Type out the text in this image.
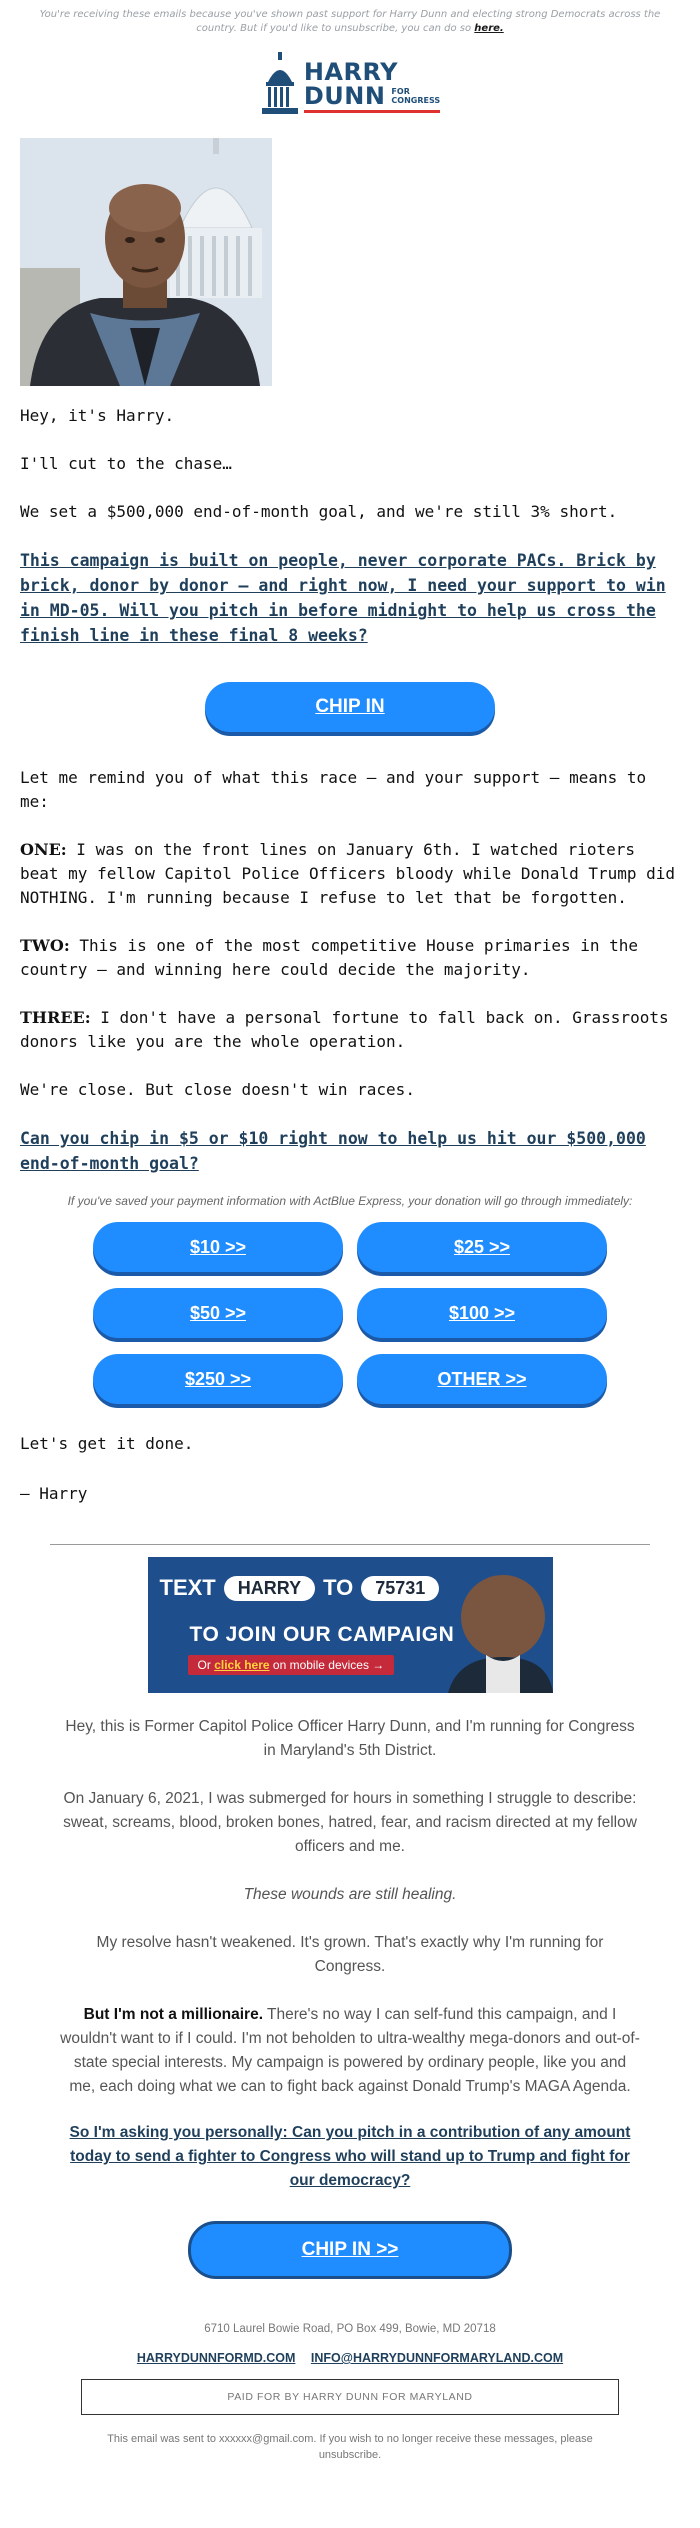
You're receiving these emails because you've shown past support for Harry Dunn and electing strong Democrats across the country. But if you'd like to unsubscribe, you can do so here.
HARRY
DUNN FOR
CONGRESS

Hey, it's Harry.

I'll cut to the chase…

We set a $500,000 end-of-month goal, and we're still 3% short.

This campaign is built on people, never corporate PACs. Brick by brick, donor by donor — and right now, I need your support to win in MD-05. Will you pitch in before midnight to help us cross the finish line in these final 8 weeks?
CHIP IN

Let me remind you of what this race — and your support — means to me:

ONE: I was on the front lines on January 6th. I watched rioters beat my fellow Capitol Police Officers bloody while Donald Trump did NOTHING. I'm running because I refuse to let that be forgotten.

TWO: This is one of the most competitive House primaries in the country — and winning here could decide the majority.

THREE: I don't have a personal fortune to fall back on. Grassroots donors like you are the whole operation.

We're close. But close doesn't win races.

Can you chip in $5 or $10 right now to help us hit our $500,000 end-of-month goal?
If you've saved your payment information with ActBlue Express, your donation will go through immediately:
$10 >>	$25 >>
$50 >>	$100 >>
$250 >>	OTHER >>

Let's get it done.

— Harry

TEXT	HARRY	TO	75731
TO JOIN OUR CAMPAIGN
Or click here on mobile devices →
Hey, this is Former Capitol Police Officer Harry Dunn, and I'm running for Congress in Maryland's 5th District.
On January 6, 2021, I was submerged for hours in something I struggle to describe: sweat, screams, blood, broken bones, hatred, fear, and racism directed at my fellow officers and me.
These wounds are still healing.
My resolve hasn't weakened. It's grown. That's exactly why I'm running for Congress.
But I'm not a millionaire. There's no way I can self-fund this campaign, and I wouldn't want to if I could. I'm not beholden to ultra-wealthy mega-donors and out-of-state special interests. My campaign is powered by ordinary people, like you and me, each doing what we can to fight back against Donald Trump's MAGA Agenda.
So I'm asking you personally: Can you pitch in a contribution of any amount today to send a fighter to Congress who will stand up to Trump and fight for our democracy?
CHIP IN >>
6710 Laurel Bowie Road, PO Box 499, Bowie, MD 20718
HARRYDUNNFORMD.COM INFO@HARRYDUNNFORMARYLAND.COM
PAID FOR BY HARRY DUNN FOR MARYLAND
This email was sent to xxxxxx@gmail.com. If you wish to no longer receive these messages, please unsubscribe.
